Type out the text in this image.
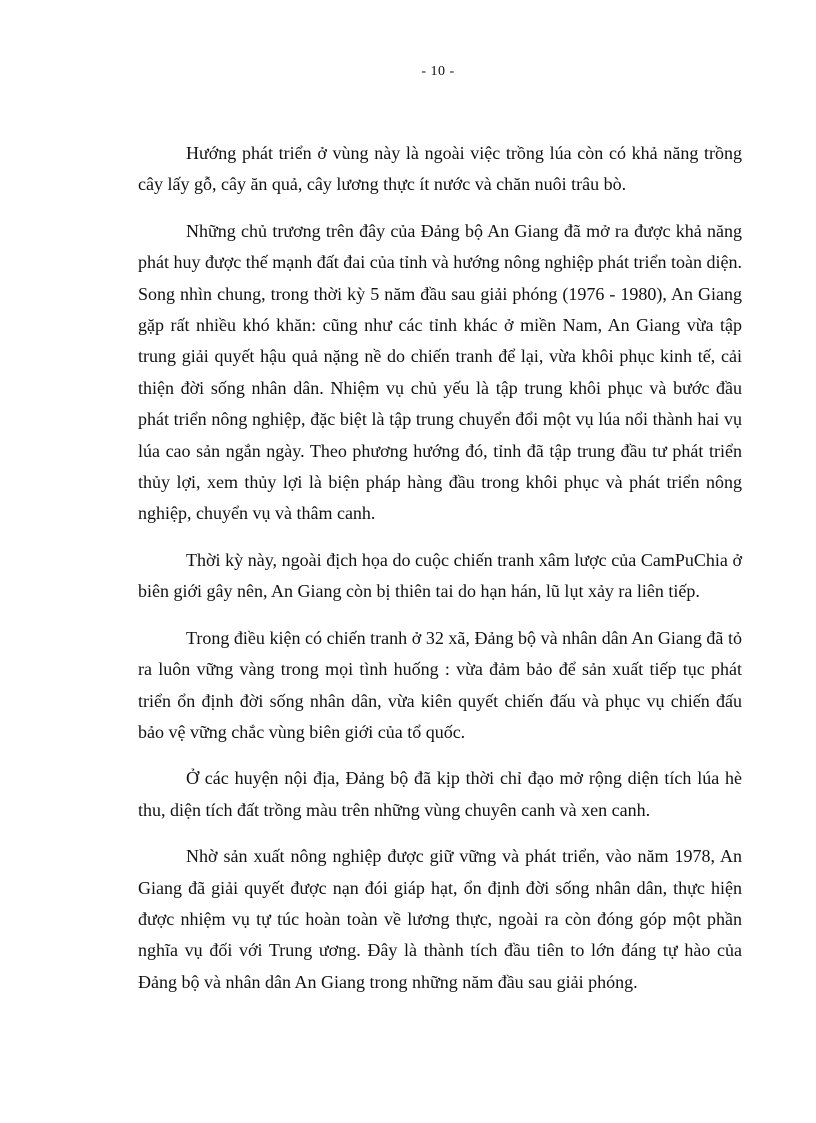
- 10 -

Hướng phát triển ở vùng này là ngoài việc trồng lúa còn có khả năng trồng cây lấy gỗ, cây ăn quả, cây lương thực ít nước và chăn nuôi trâu bò.

Những chủ trương trên đây của Đảng bộ An Giang đã mở ra được khả năng phát huy được thế mạnh đất đai của tỉnh và hướng nông nghiệp phát triển toàn diện. Song nhìn chung, trong thời kỳ 5 năm đầu sau giải phóng (1976 - 1980), An Giang gặp rất nhiều khó khăn: cũng như các tỉnh khác ở miền Nam, An Giang vừa tập trung giải quyết hậu quả nặng nề do chiến tranh để lại, vừa khôi phục kinh tế, cải thiện đời sống nhân dân. Nhiệm vụ chủ yếu là tập trung khôi phục và bước đầu phát triển nông nghiệp, đặc biệt là tập trung chuyển đổi một vụ lúa nổi thành hai vụ lúa cao sản ngắn ngày. Theo phương hướng đó, tỉnh đã tập trung đầu tư phát triển thủy lợi, xem thủy lợi là biện pháp hàng đầu trong khôi phục và phát triển nông nghiệp, chuyển vụ và thâm canh.

Thời kỳ này, ngoài địch họa do cuộc chiến tranh xâm lược của CamPuChia ở biên giới gây nên, An Giang còn bị thiên tai do hạn hán, lũ lụt xảy ra liên tiếp.

Trong điều kiện có chiến tranh ở 32 xã, Đảng bộ và nhân dân An Giang đã tỏ ra luôn vững vàng trong mọi tình huống : vừa đảm bảo để sản xuất tiếp tục phát triển ổn định đời sống nhân dân, vừa kiên quyết chiến đấu và phục vụ chiến đấu bảo vệ vững chắc vùng biên giới của tổ quốc.

Ở các huyện nội địa, Đảng bộ đã kịp thời chỉ đạo mở rộng diện tích lúa hè thu, diện tích đất trồng màu trên những vùng chuyên canh và xen canh.

Nhờ sản xuất nông nghiệp được giữ vững và phát triển, vào năm 1978, An Giang đã giải quyết được nạn đói giáp hạt, ổn định đời sống nhân dân, thực hiện được nhiệm vụ tự túc hoàn toàn về lương thực, ngoài ra còn đóng góp một phần nghĩa vụ đối với Trung ương. Đây là thành tích đầu tiên to lớn đáng tự hào của Đảng bộ và nhân dân An Giang trong những năm đầu sau giải phóng.
